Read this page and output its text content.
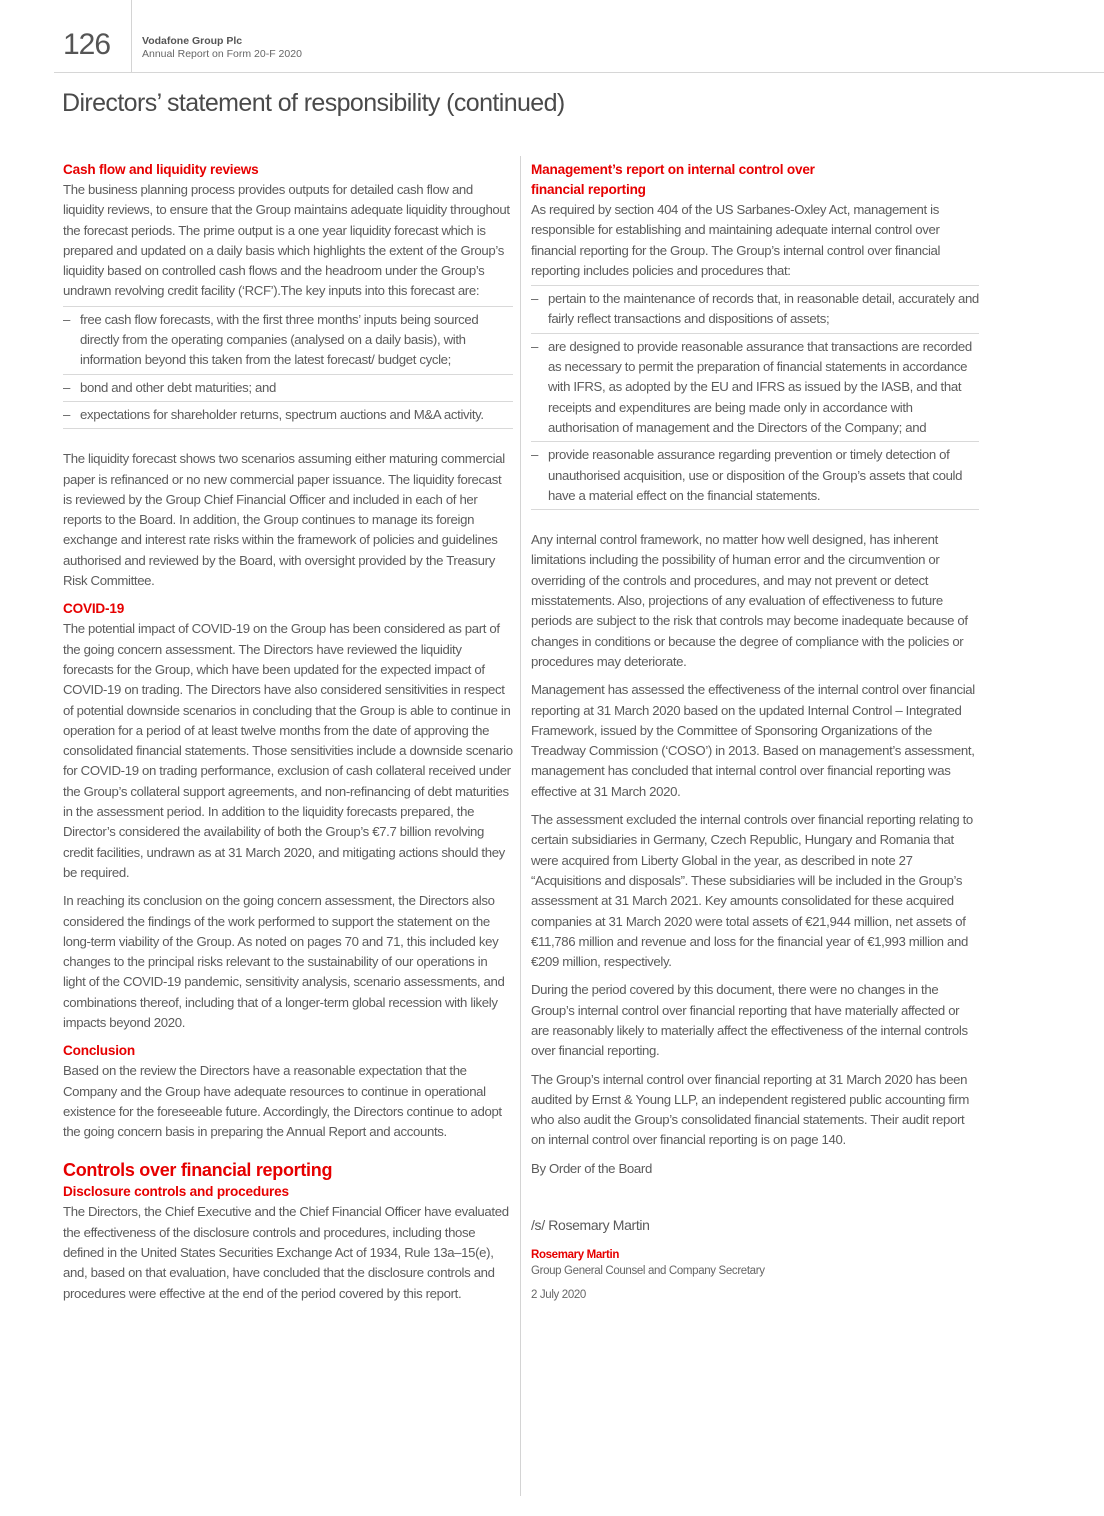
126	Vodafone Group Plc
Annual Report on Form 20-F 2020
Directors’ statement of responsibility (continued)
Cash flow and liquidity reviews

The business planning process provides outputs for detailed cash flow and liquidity reviews, to ensure that the Group maintains adequate liquidity throughout the forecast periods. The prime output is a one year liquidity forecast which is prepared and updated on a daily basis which highlights the extent of the Group’s liquidity based on controlled cash flows and the headroom under the Group’s undrawn revolving credit facility (‘RCF’).The key inputs into this forecast are:

– free cash flow forecasts, with the first three months’ inputs being sourced directly from the operating companies (analysed on a daily basis), with information beyond this taken from the latest forecast/ budget cycle;
– bond and other debt maturities; and
– expectations for shareholder returns, spectrum auctions and M&A activity.

The liquidity forecast shows two scenarios assuming either maturing commercial paper is refinanced or no new commercial paper issuance. The liquidity forecast is reviewed by the Group Chief Financial Officer and included in each of her reports to the Board. In addition, the Group continues to manage its foreign exchange and interest rate risks within the framework of policies and guidelines authorised and reviewed by the Board, with oversight provided by the Treasury Risk Committee.

COVID-19

The potential impact of COVID-19 on the Group has been considered as part of the going concern assessment. The Directors have reviewed the liquidity forecasts for the Group, which have been updated for the expected impact of COVID-19 on trading. The Directors have also considered sensitivities in respect of potential downside scenarios in concluding that the Group is able to continue in operation for a period of at least twelve months from the date of approving the consolidated financial statements. Those sensitivities include a downside scenario for COVID-19 on trading performance, exclusion of cash collateral received under the Group’s collateral support agreements, and non-refinancing of debt maturities in the assessment period. In addition to the liquidity forecasts prepared, the Director’s considered the availability of both the Group’s €7.7 billion revolving credit facilities, undrawn as at 31 March 2020, and mitigating actions should they be required.

In reaching its conclusion on the going concern assessment, the Directors also considered the findings of the work performed to support the statement on the long-term viability of the Group. As noted on pages 70 and 71, this included key changes to the principal risks relevant to the sustainability of our operations in light of the COVID-19 pandemic, sensitivity analysis, scenario assessments, and combinations thereof, including that of a longer-term global recession with likely impacts beyond 2020.

Conclusion

Based on the review the Directors have a reasonable expectation that the Company and the Group have adequate resources to continue in operational existence for the foreseeable future. Accordingly, the Directors continue to adopt the going concern basis in preparing the Annual Report and accounts.

Controls over financial reporting
Disclosure controls and procedures

The Directors, the Chief Executive and the Chief Financial Officer have evaluated the effectiveness of the disclosure controls and procedures, including those defined in the United States Securities Exchange Act of 1934, Rule 13a–15(e), and, based on that evaluation, have concluded that the disclosure controls and procedures were effective at the end of the period covered by this report.

Management’s report on internal control over financial reporting

As required by section 404 of the US Sarbanes-Oxley Act, management is responsible for establishing and maintaining adequate internal control over financial reporting for the Group. The Group’s internal control over financial reporting includes policies and procedures that:

– pertain to the maintenance of records that, in reasonable detail, accurately and fairly reflect transactions and dispositions of assets;
– are designed to provide reasonable assurance that transactions are recorded as necessary to permit the preparation of financial statements in accordance with IFRS, as adopted by the EU and IFRS as issued by the IASB, and that receipts and expenditures are being made only in accordance with authorisation of management and the Directors of the Company; and
– provide reasonable assurance regarding prevention or timely detection of unauthorised acquisition, use or disposition of the Group’s assets that could have a material effect on the financial statements.

Any internal control framework, no matter how well designed, has inherent limitations including the possibility of human error and the circumvention or overriding of the controls and procedures, and may not prevent or detect misstatements. Also, projections of any evaluation of effectiveness to future periods are subject to the risk that controls may become inadequate because of changes in conditions or because the degree of compliance with the policies or procedures may deteriorate.

Management has assessed the effectiveness of the internal control over financial reporting at 31 March 2020 based on the updated Internal Control – Integrated Framework, issued by the Committee of Sponsoring Organizations of the Treadway Commission (‘COSO’) in 2013. Based on management’s assessment, management has concluded that internal control over financial reporting was effective at 31 March 2020.

The assessment excluded the internal controls over financial reporting relating to certain subsidiaries in Germany, Czech Republic, Hungary and Romania that were acquired from Liberty Global in the year, as described in note 27 “Acquisitions and disposals”. These subsidiaries will be included in the Group’s assessment at 31 March 2021. Key amounts consolidated for these acquired companies at 31 March 2020 were total assets of €21,944 million, net assets of €11,786 million and revenue and loss for the financial year of €1,993 million and €209 million, respectively.

During the period covered by this document, there were no changes in the Group’s internal control over financial reporting that have materially affected or are reasonably likely to materially affect the effectiveness of the internal controls over financial reporting.

The Group’s internal control over financial reporting at 31 March 2020 has been audited by Ernst & Young LLP, an independent registered public accounting firm who also audit the Group’s consolidated financial statements. Their audit report on internal control over financial reporting is on page 140.

By Order of the Board

/s/ Rosemary Martin
Rosemary Martin
Group General Counsel and Company Secretary
2 July 2020
